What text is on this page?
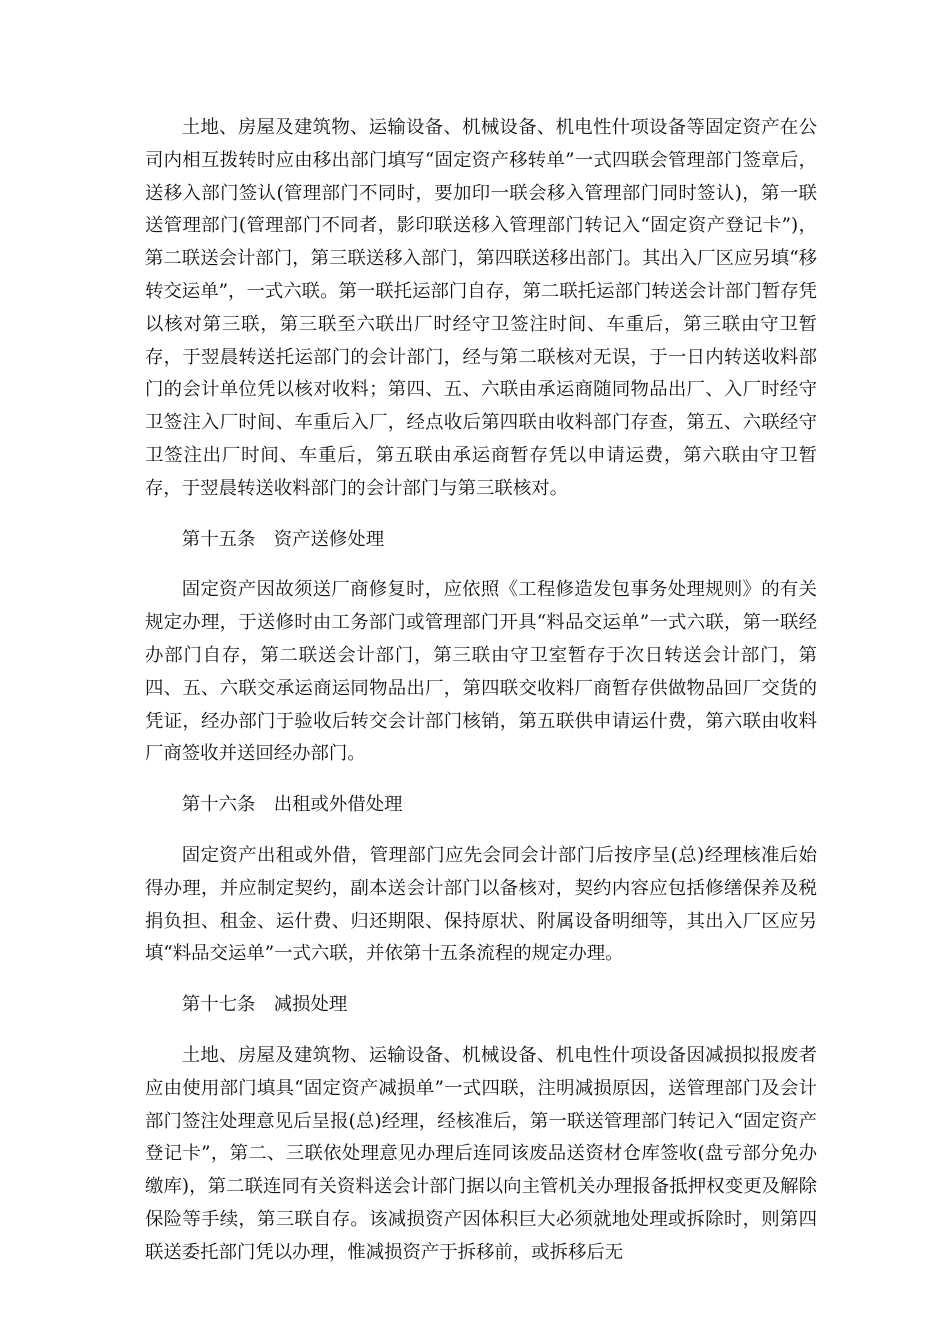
土地、房屋及建筑物、运输设备、机械设备、机电性什项设备等固定资产在公司内相互拨转时应由移出部门填写“固定资产移转单”一式四联会管理部门签章后，送移入部门签认(管理部门不同时，要加印一联会移入管理部门同时签认)，第一联送管理部门(管理部门不同者，影印联送移入管理部门转记入“固定资产登记卡”)，第二联送会计部门，第三联送移入部门，第四联送移出部门。其出入厂区应另填“移转交运单”，一式六联。第一联托运部门自存，第二联托运部门转送会计部门暂存凭以核对第三联，第三联至六联出厂时经守卫签注时间、车重后，第三联由守卫暂存，于翌晨转送托运部门的会计部门，经与第二联核对无误，于一日内转送收料部门的会计单位凭以核对收料；第四、五、六联由承运商随同物品出厂、入厂时经守卫签注入厂时间、车重后入厂，经点收后第四联由收料部门存查，第五、六联经守卫签注出厂时间、车重后，第五联由承运商暂存凭以申请运费，第六联由守卫暂存，于翌晨转送收料部门的会计部门与第三联核对。

第十五条　资产送修处理

固定资产因故须送厂商修复时，应依照《工程修造发包事务处理规则》的有关规定办理，于送修时由工务部门或管理部门开具“料品交运单”一式六联，第一联经办部门自存，第二联送会计部门，第三联由守卫室暂存于次日转送会计部门，第四、五、六联交承运商运同物品出厂，第四联交收料厂商暂存供做物品回厂交货的凭证，经办部门于验收后转交会计部门核销，第五联供申请运什费，第六联由收料厂商签收并送回经办部门。

第十六条　出租或外借处理

固定资产出租或外借，管理部门应先会同会计部门后按序呈(总)经理核准后始得办理，并应制定契约，副本送会计部门以备核对，契约内容应包括修缮保养及税捐负担、租金、运什费、归还期限、保持原状、附属设备明细等，其出入厂区应另填“料品交运单”一式六联，并依第十五条流程的规定办理。

第十七条　减损处理

土地、房屋及建筑物、运输设备、机械设备、机电性什项设备因减损拟报废者应由使用部门填具“固定资产减损单”一式四联，注明减损原因，送管理部门及会计部门签注处理意见后呈报(总)经理，经核准后，第一联送管理部门转记入“固定资产登记卡”，第二、三联依处理意见办理后连同该废品送资材仓库签收(盘亏部分免办缴库)，第二联连同有关资料送会计部门据以向主管机关办理报备抵押权变更及解除保险等手续，第三联自存。该减损资产因体积巨大必须就地处理或拆除时，则第四联送委托部门凭以办理，惟减损资产于拆移前，或拆移后无
